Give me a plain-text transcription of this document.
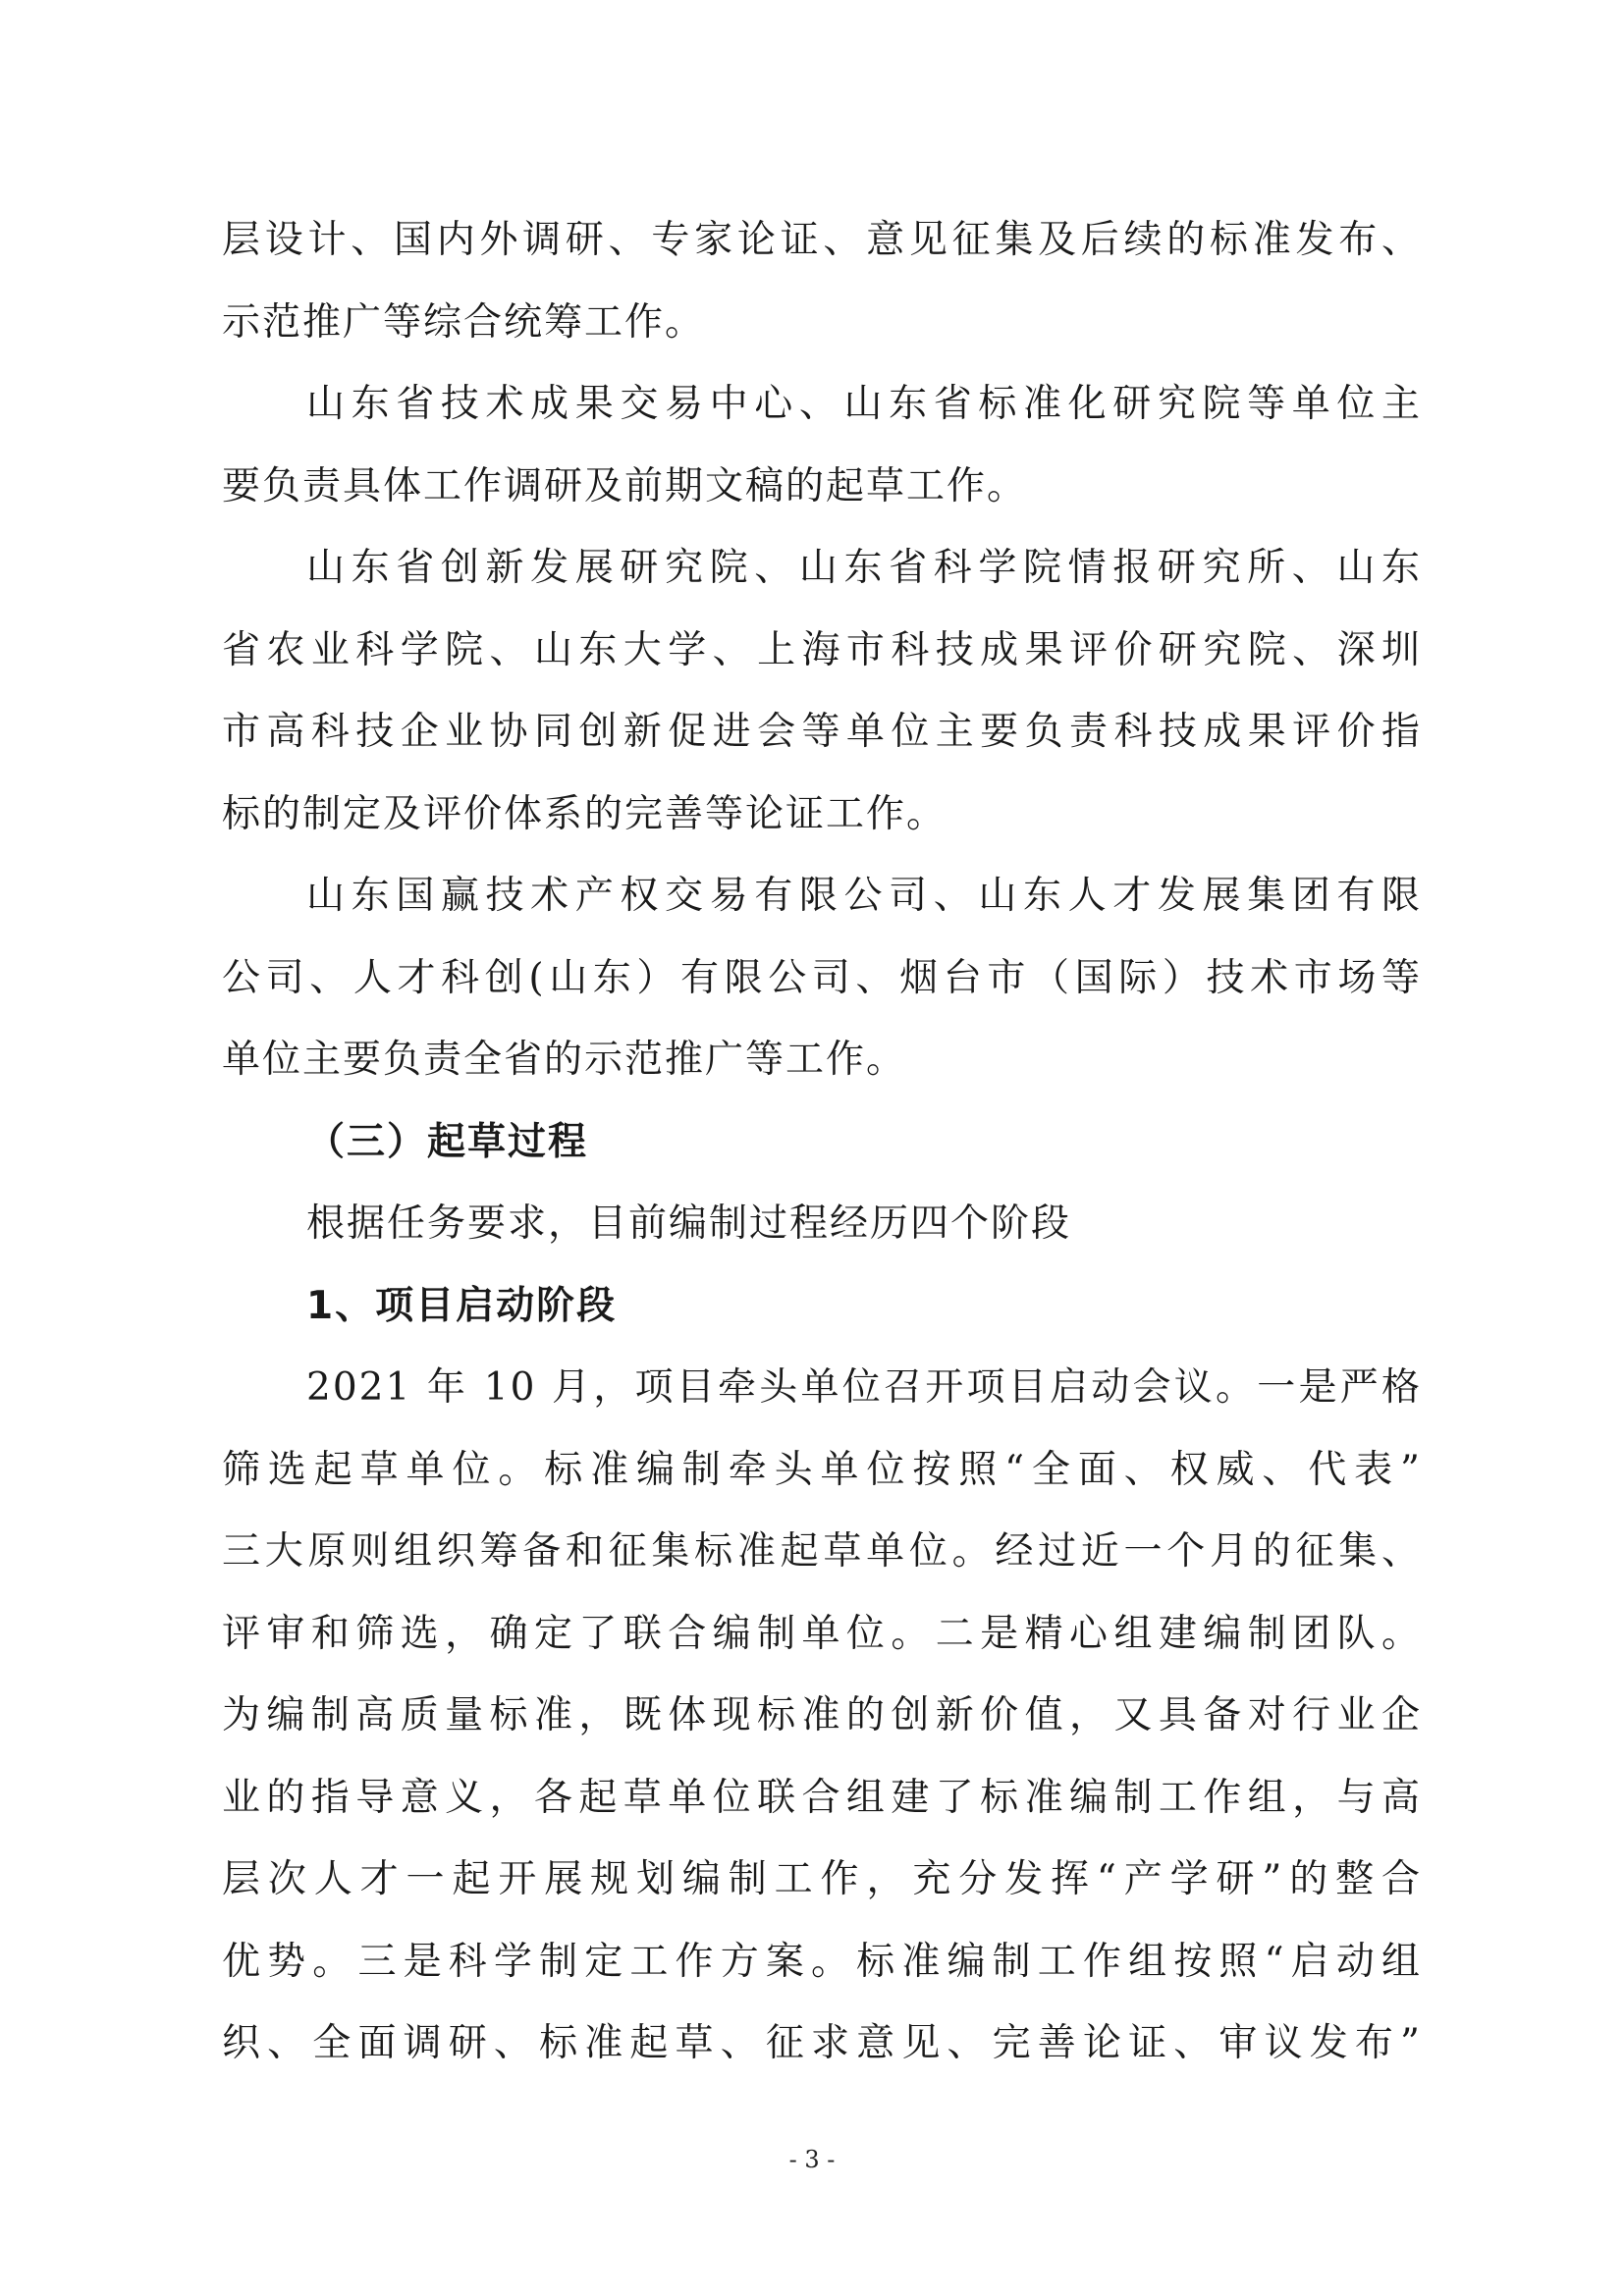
层设计、国内外调研、专家论证、意见征集及后续的标准发布、
示范推广等综合统筹工作。
山东省技术成果交易中心、山东省标准化研究院等单位主
要负责具体工作调研及前期文稿的起草工作。
山东省创新发展研究院、山东省科学院情报研究所、山东
省农业科学院、山东大学、上海市科技成果评价研究院、深圳
市高科技企业协同创新促进会等单位主要负责科技成果评价指
标的制定及评价体系的完善等论证工作。
山东国赢技术产权交易有限公司、山东人才发展集团有限
公司、人才科创(山东）有限公司、烟台市（国际）技术市场等
单位主要负责全省的示范推广等工作。
（三）起草过程
根据任务要求，目前编制过程经历四个阶段
1、项目启动阶段
2021 年 10 月，项目牵头单位召开项目启动会议。一是严格
筛选起草单位。标准编制牵头单位按照“全面、权威、代表”
三大原则组织筹备和征集标准起草单位。经过近一个月的征集、
评审和筛选，确定了联合编制单位。二是精心组建编制团队。
为编制高质量标准，既体现标准的创新价值，又具备对行业企
业的指导意义，各起草单位联合组建了标准编制工作组，与高
层次人才一起开展规划编制工作，充分发挥“产学研”的整合
优势。三是科学制定工作方案。标准编制工作组按照“启动组
织、全面调研、标准起草、征求意见、完善论证、审议发布”
- 3 -
